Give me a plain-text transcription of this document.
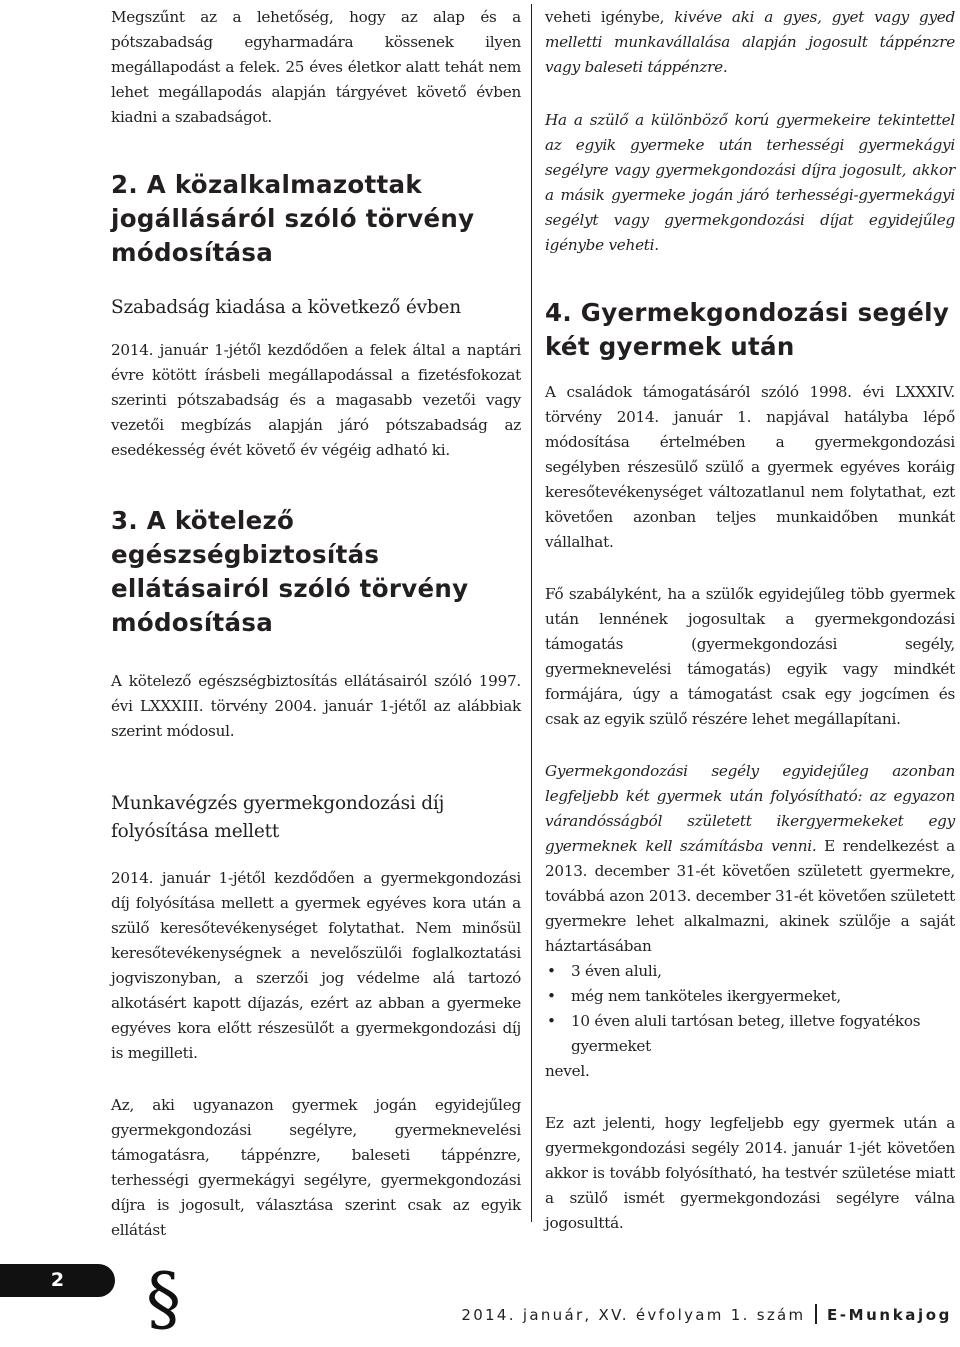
Megszűnt az a lehetőség, hogy az alap és a pótszabadság egyharmadára kössenek ilyen megállapodást a felek. 25 éves életkor alatt tehát nem lehet megállapodás alapján tárgyévet követő évben kiadni a szabadságot.

2. A közalkalmazottak jogállásáról szóló törvény módosítása
Szabadság kiadása a következő évben

2014. január 1-jétől kezdődően a felek által a naptári évre kötött írásbeli megállapodással a fizetésfokozat szerinti pótszabadság és a magasabb vezetői vagy vezetői megbízás alapján járó pótszabadság az esedékesség évét követő év végéig adható ki.

3. A kötelező egészségbiztosítás ellátásairól szóló törvény módosítása

A kötelező egészségbiztosítás ellátásairól szóló 1997. évi LXXXIII. törvény 2004. január 1-jétől az alábbiak szerint módosul.

Munkavégzés gyermekgondozási díj folyósítása mellett

2014. január 1-jétől kezdődően a gyermekgondozási díj folyósítása mellett a gyermek egyéves kora után a szülő keresőtevékenységet folytathat. Nem minősül keresőtevékenységnek a nevelőszülői foglalkoztatási jogviszonyban, a szerzői jog védelme alá tartozó alkotásért kapott díjazás, ezért az abban a gyermeke egyéves kora előtt részesülőt a gyermekgondozási díj is megilleti.

Az, aki ugyanazon gyermek jogán egyidejűleg gyermekgondozási segélyre, gyermeknevelési támogatásra, táppénzre, baleseti táppénzre, terhességi gyermekágyi segélyre, gyermekgondozási díjra is jogosult, választása szerint csak az egyik ellátást

veheti igénybe, kivéve aki a gyes, gyet vagy gyed melletti munkavállalása alapján jogosult táppénzre vagy baleseti táppénzre.

Ha a szülő a különböző korú gyermekeire tekintettel az egyik gyermeke után terhességi gyermekágyi segélyre vagy gyermekgondozási díjra jogosult, akkor a másik gyermeke jogán járó terhességi-gyermekágyi segélyt vagy gyermekgondozási díjat egyidejűleg igénybe veheti.

4. Gyermekgondozási segély két gyermek után

A családok támogatásáról szóló 1998. évi LXXXIV. törvény 2014. január 1. napjával hatályba lépő módosítása értelmében a gyermekgondozási segélyben részesülő szülő a gyermek egyéves koráig keresőtevékenységet változatlanul nem folytathat, ezt követően azonban teljes munkaidőben munkát vállalhat.

Fő szabályként, ha a szülők egyidejűleg több gyermek után lennének jogosultak a gyermekgondozási támogatás (gyermekgondozási segély, gyermeknevelési támogatás) egyik vagy mindkét formájára, úgy a támogatást csak egy jogcímen és csak az egyik szülő részére lehet megállapítani.

Gyermekgondozási segély egyidejűleg azonban legfeljebb két gyermek után folyósítható: az egyazon várandósságból született ikergyermekeket egy gyermeknek kell számításba venni. E rendelkezést a 2013. december 31-ét követően született gyermekre, továbbá azon 2013. december 31-ét követően született gyermekre lehet alkalmazni, akinek szülője a saját háztartásában

• 3 éven aluli,
• még nem tanköteles ikergyermeket,
• 10 éven aluli tartósan beteg, illetve fogyatékos gyermeket

nevel.

Ez azt jelenti, hogy legfeljebb egy gyermek után a gyermekgondozási segély 2014. január 1-jét követően akkor is tovább folyósítható, ha testvér születése miatt a szülő ismét gyermekgondozási segélyre válna jogosulttá.

2	§	2014. január, XV. évfolyam 1. szám E-Munkajog
